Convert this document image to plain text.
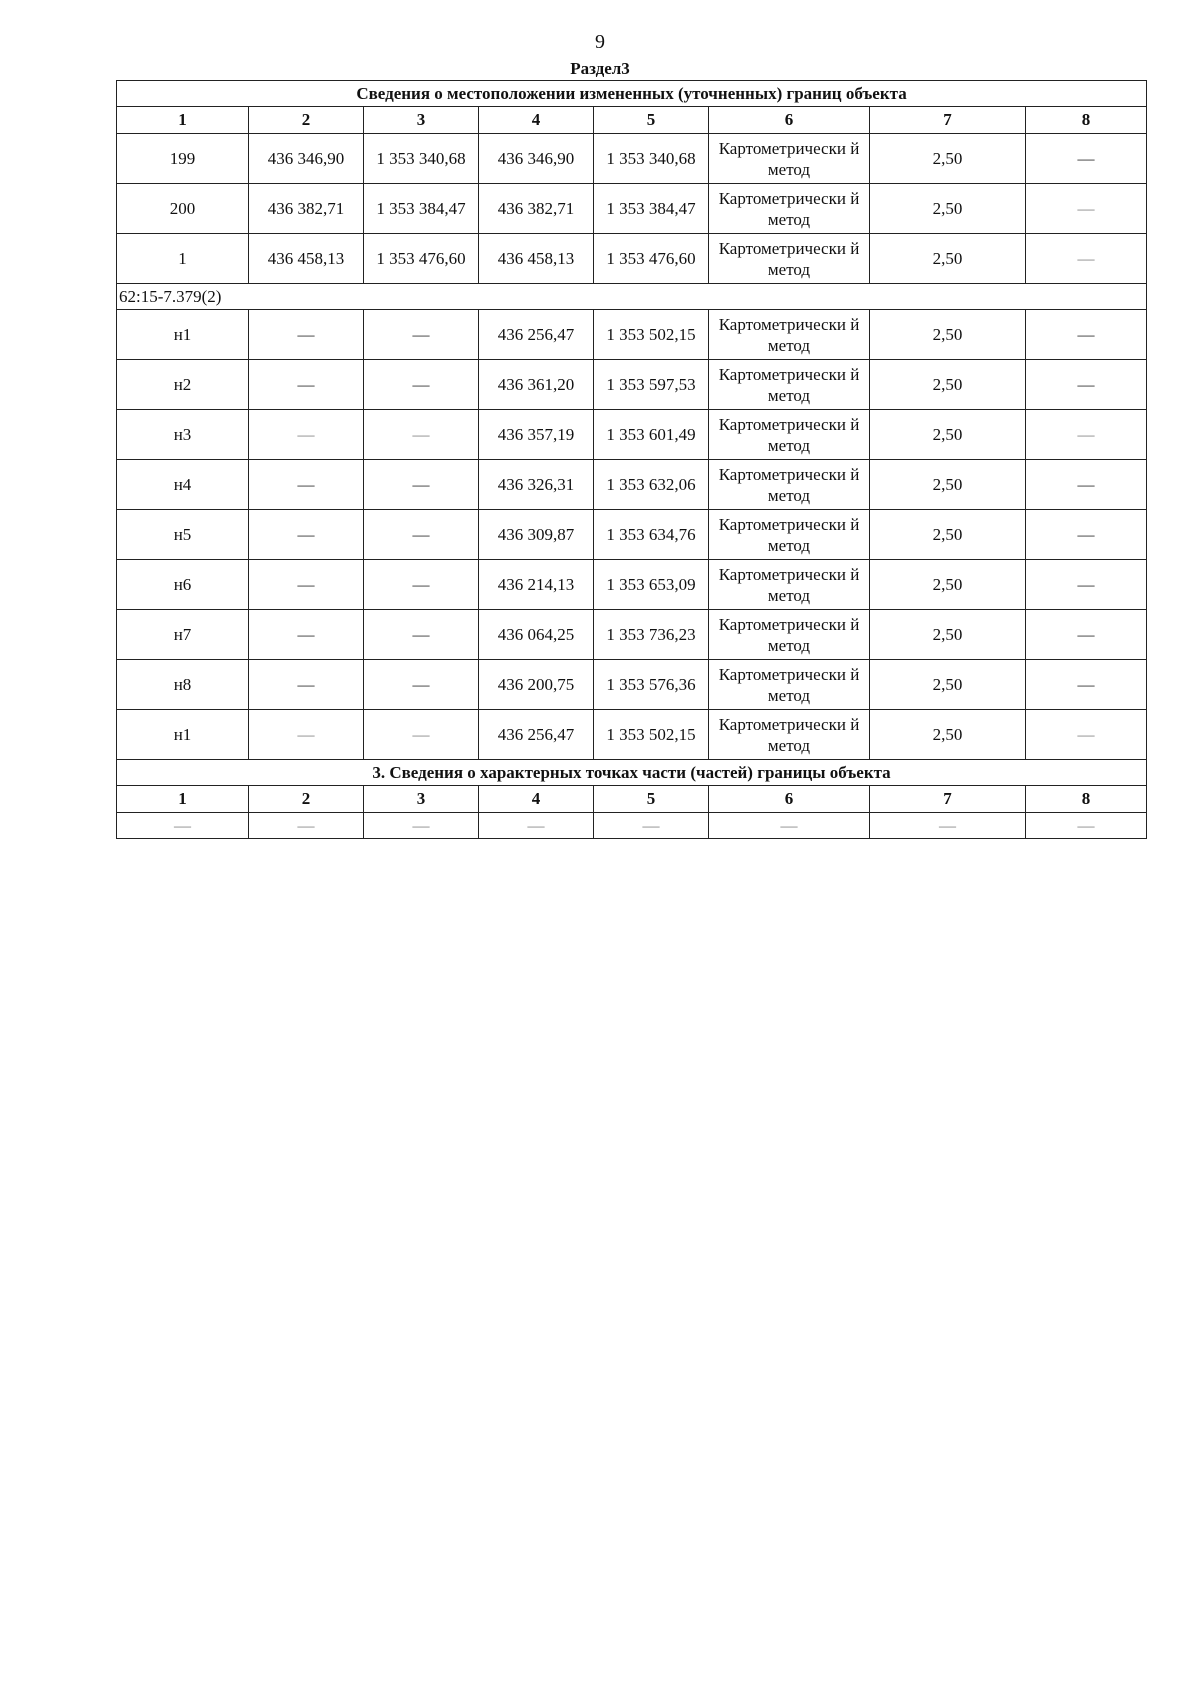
9
Раздел3
Сведения о местоположении измененных (уточненных) границ объекта							
1	2	3	4	5	6	7	8
199	436 346,90	1 353 340,68	436 346,90	1 353 340,68	Картометрически й метод	2,50	—
200	436 382,71	1 353 384,47	436 382,71	1 353 384,47	Картометрически й метод	2,50	—
1	436 458,13	1 353 476,60	436 458,13	1 353 476,60	Картометрически й метод	2,50	—
62:15-7.379(2)							
н1	—	—	436 256,47	1 353 502,15	Картометрически й метод	2,50	—
н2	—	—	436 361,20	1 353 597,53	Картометрически й метод	2,50	—
н3	—	—	436 357,19	1 353 601,49	Картометрически й метод	2,50	—
н4	—	—	436 326,31	1 353 632,06	Картометрически й метод	2,50	—
н5	—	—	436 309,87	1 353 634,76	Картометрически й метод	2,50	—
н6	—	—	436 214,13	1 353 653,09	Картометрически й метод	2,50	—
н7	—	—	436 064,25	1 353 736,23	Картометрически й метод	2,50	—
н8	—	—	436 200,75	1 353 576,36	Картометрически й метод	2,50	—
н1	—	—	436 256,47	1 353 502,15	Картометрически й метод	2,50	—
3. Сведения о характерных точках части (частей) границы объекта							
1	2	3	4	5	6	7	8
—	—	—	—	—	—	—	—
